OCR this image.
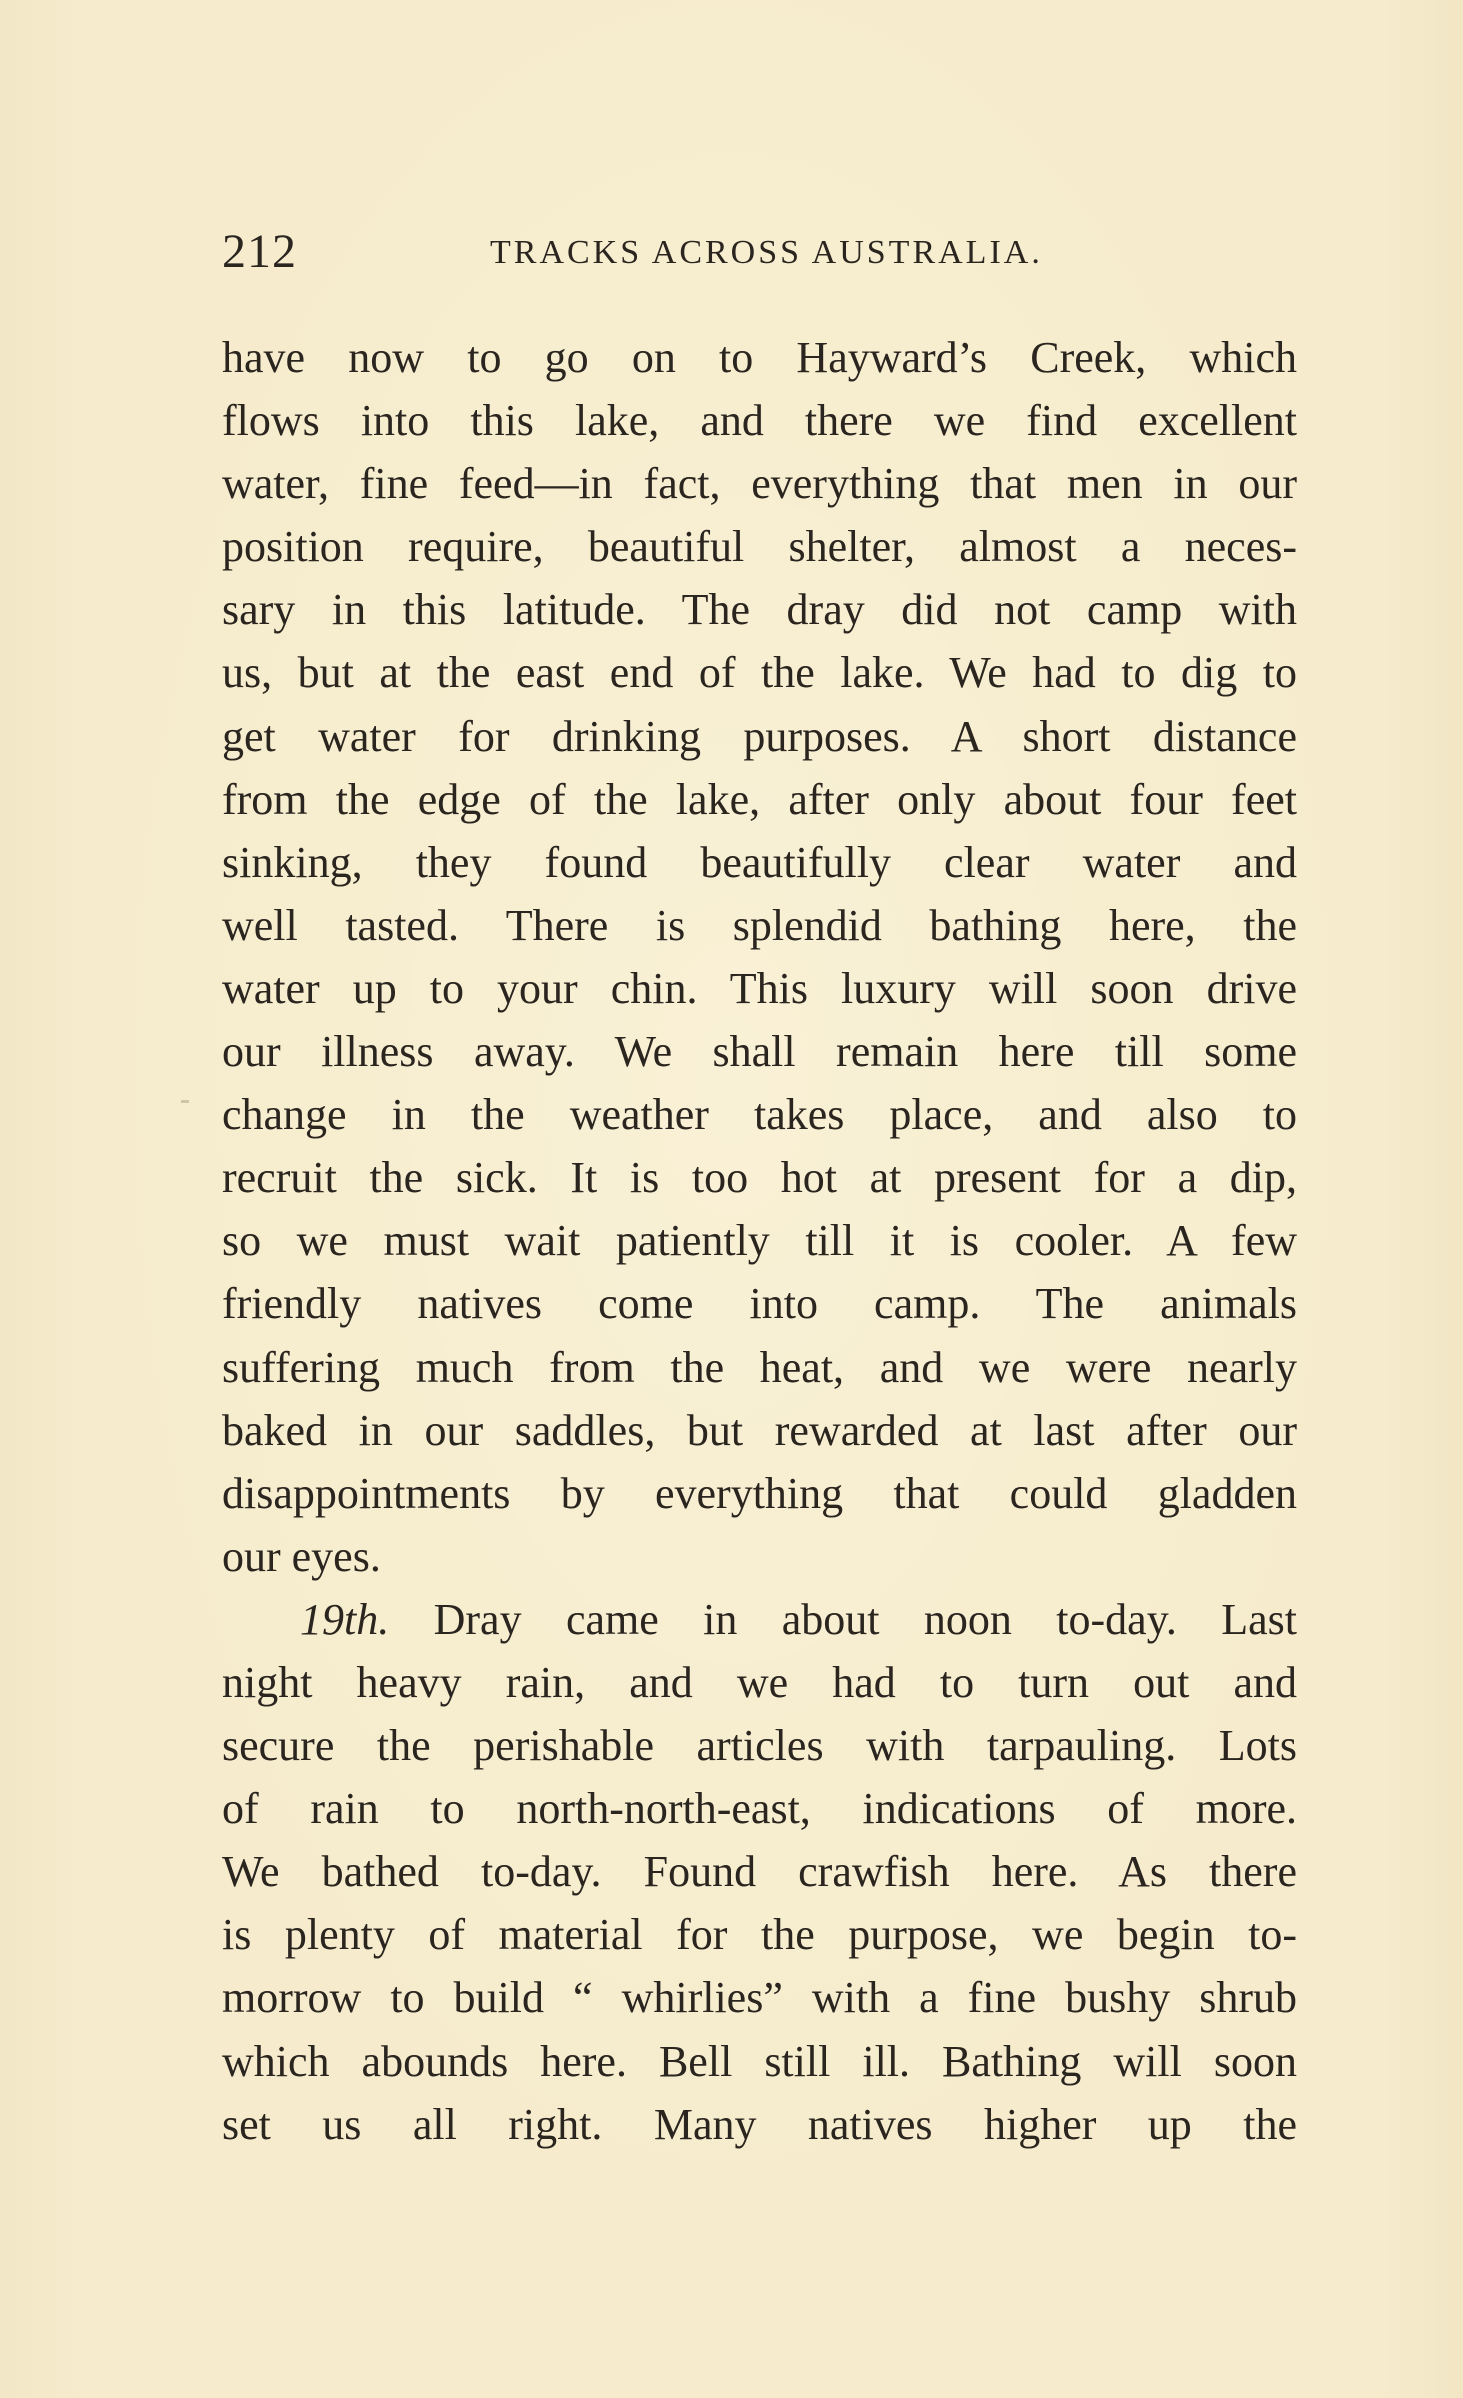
212	TRACKS ACROSS AUSTRALIA.
have now to go on to Hayward’s Creek, which
flows into this lake, and there we find excellent
water, fine feed—in fact, everything that men in our
position require, beautiful shelter, almost a neces-
sary in this latitude. The dray did not camp with
us, but at the east end of the lake. We had to dig to
get water for drinking purposes. A short distance
from the edge of the lake, after only about four feet
sinking, they found beautifully clear water and
well tasted. There is splendid bathing here, the
water up to your chin. This luxury will soon drive
our illness away. We shall remain here till some
change in the weather takes place, and also to
recruit the sick. It is too hot at present for a dip,
so we must wait patiently till it is cooler. A few
friendly natives come into camp. The animals
suffering much from the heat, and we were nearly
baked in our saddles, but rewarded at last after our
disappointments by everything that could gladden
our eyes.
19th. Dray came in about noon to-day. Last
night heavy rain, and we had to turn out and
secure the perishable articles with tarpauling. Lots
of rain to north-north-east, indications of more.
We bathed to-day. Found crawfish here. As there
is plenty of material for the purpose, we begin to-
morrow to build “ whirlies” with a fine bushy shrub
which abounds here. Bell still ill. Bathing will soon
set us all right. Many natives higher up the
